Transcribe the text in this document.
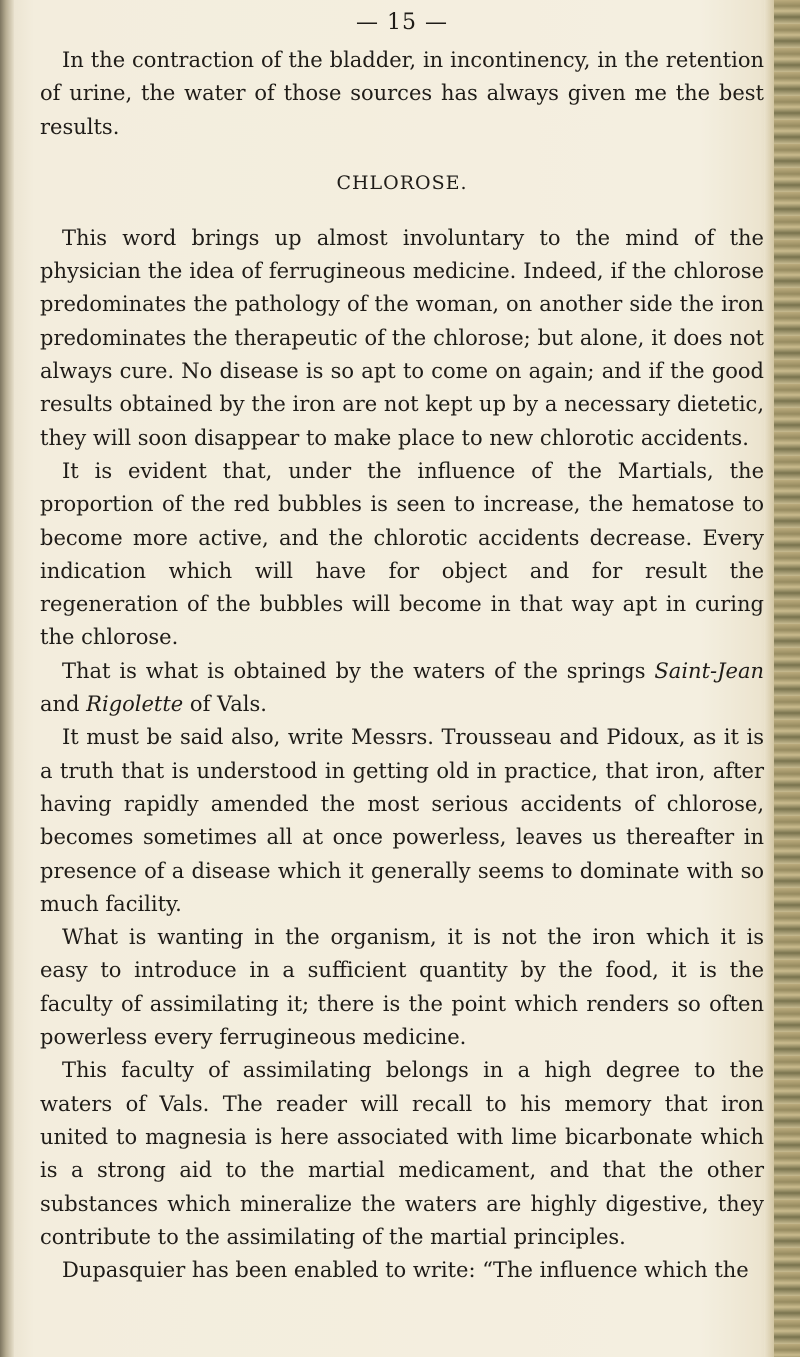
— 15 —

In the contraction of the bladder, in incontinency, in the retention of urine, the water of those sources has always given me the best results.

CHLOROSE.

This word brings up almost involuntary to the mind of the physician the idea of ferrugineous medicine. Indeed, if the chlorose predominates the pathology of the woman, on another side the iron predominates the therapeutic of the chlorose; but alone, it does not always cure. No disease is so apt to come on again; and if the good results obtained by the iron are not kept up by a necessary dietetic, they will soon disappear to make place to new chlorotic accidents.

It is evident that, under the influence of the Martials, the proportion of the red bubbles is seen to increase, the hematose to become more active, and the chlorotic accidents decrease. Every indication which will have for object and for result the regeneration of the bubbles will become in that way apt in curing the chlorose.

That is what is obtained by the waters of the springs Saint-Jean and Rigolette of Vals.

It must be said also, write Messrs. Trousseau and Pidoux, as it is a truth that is understood in getting old in practice, that iron, after having rapidly amended the most serious accidents of chlorose, becomes sometimes all at once powerless, leaves us thereafter in presence of a disease which it generally seems to dominate with so much facility.

What is wanting in the organism, it is not the iron which it is easy to introduce in a sufficient quantity by the food, it is the faculty of assimilating it; there is the point which renders so often powerless every ferrugineous medicine.

This faculty of assimilating belongs in a high degree to the waters of Vals. The reader will recall to his memory that iron united to magnesia is here associated with lime bicarbonate which is a strong aid to the martial medicament, and that the other substances which mineralize the waters are highly digestive, they contribute to the assimilating of the martial principles.

Dupasquier has been enabled to write: “The influence which the
